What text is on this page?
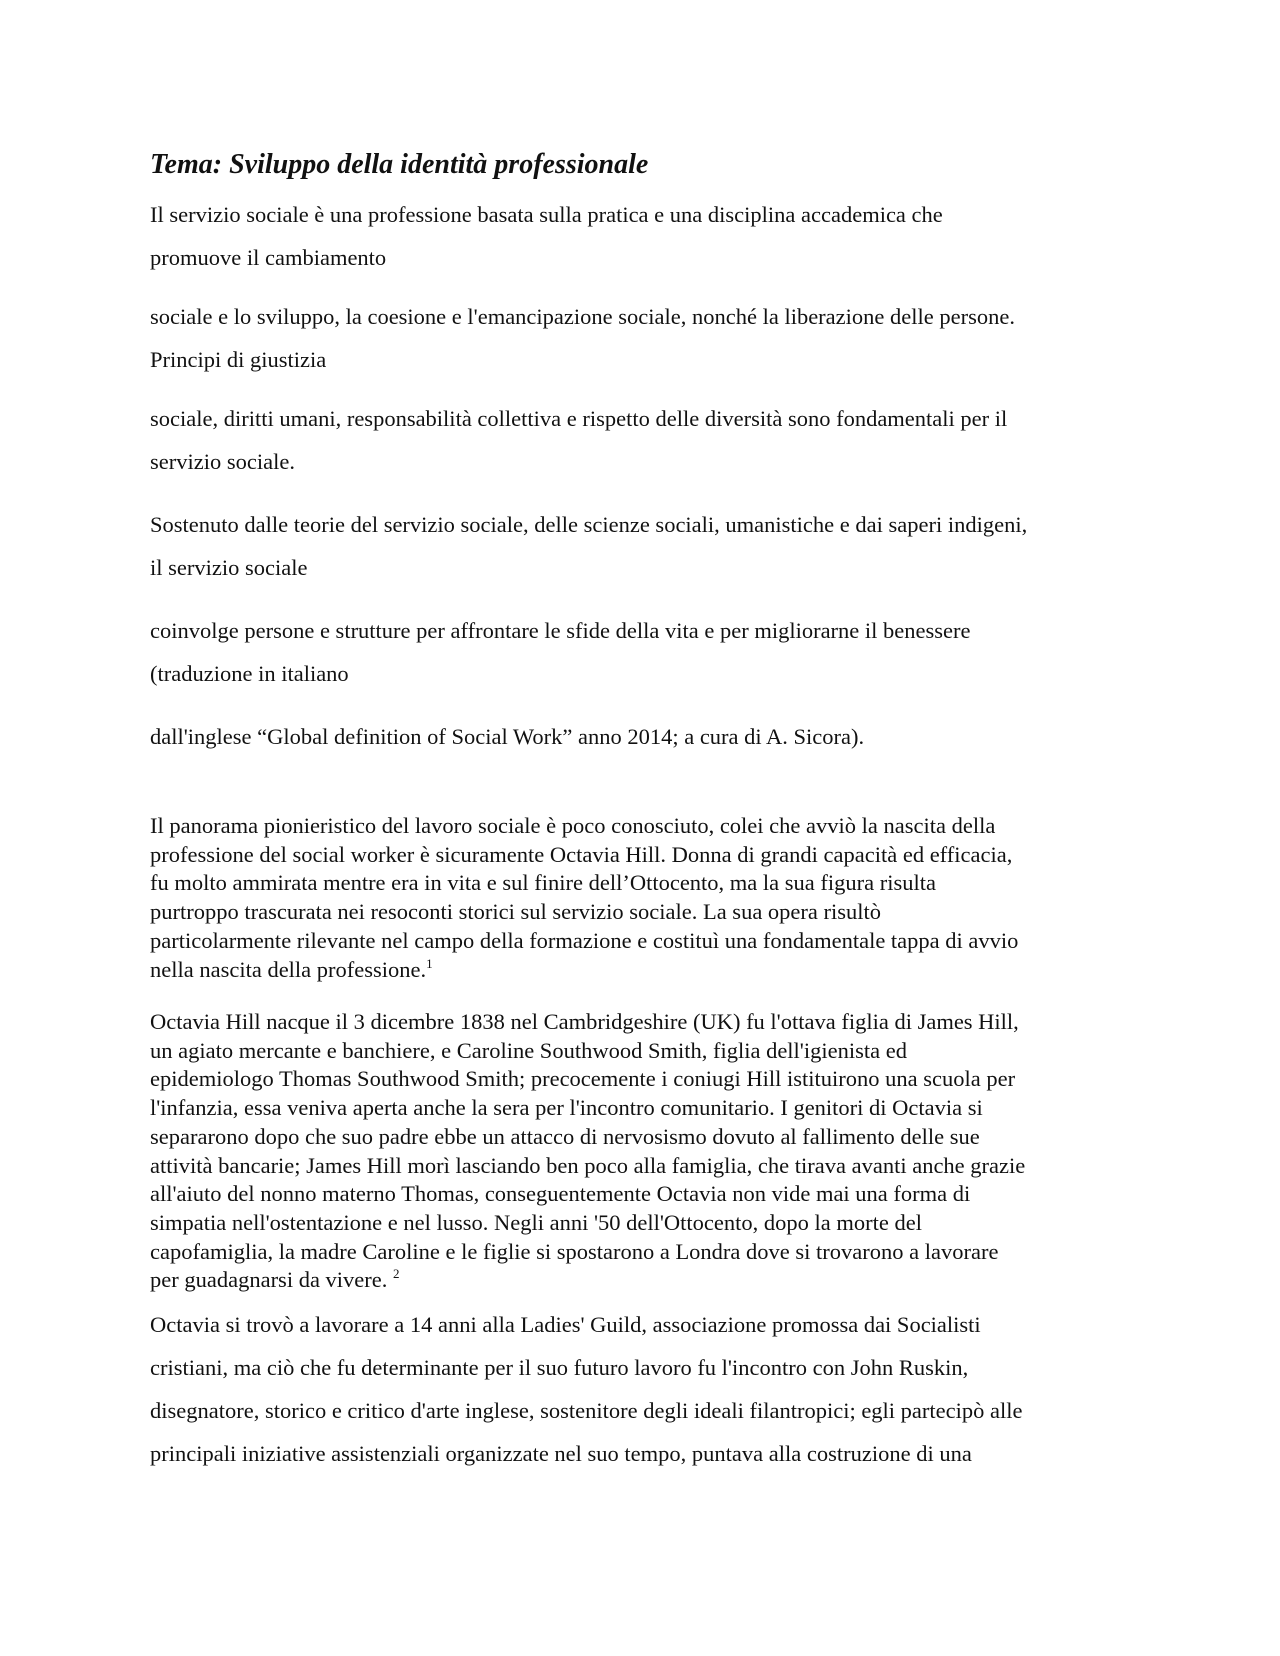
Tema: Sviluppo della identità professionale

Il servizio sociale è una professione basata sulla pratica e una disciplina accademica che
promuove il cambiamento

sociale e lo sviluppo, la coesione e l'emancipazione sociale, nonché la liberazione delle persone.
Principi di giustizia

sociale, diritti umani, responsabilità collettiva e rispetto delle diversità sono fondamentali per il
servizio sociale.

Sostenuto dalle teorie del servizio sociale, delle scienze sociali, umanistiche e dai saperi indigeni,
il servizio sociale

coinvolge persone e strutture per affrontare le sfide della vita e per migliorarne il benessere
(traduzione in italiano

dall'inglese “Global definition of Social Work” anno 2014; a cura di A. Sicora).

Il panorama pionieristico del lavoro sociale è poco conosciuto, colei che avviò la nascita della
professione del social worker è sicuramente Octavia Hill. Donna di grandi capacità ed efficacia,
fu molto ammirata mentre era in vita e sul finire dell’Ottocento, ma la sua figura risulta
purtroppo trascurata nei resoconti storici sul servizio sociale. La sua opera risultò
particolarmente rilevante nel campo della formazione e costituì una fondamentale tappa di avvio
nella nascita della professione.$^1$

Octavia Hill nacque il 3 dicembre 1838 nel Cambridgeshire (UK) fu l'ottava figlia di James Hill,
un agiato mercante e banchiere, e Caroline Southwood Smith, figlia dell'igienista ed
epidemiologo Thomas Southwood Smith; precocemente i coniugi Hill istituirono una scuola per
l'infanzia, essa veniva aperta anche la sera per l'incontro comunitario. I genitori di Octavia si
separarono dopo che suo padre ebbe un attacco di nervosismo dovuto al fallimento delle sue
attività bancarie; James Hill morì lasciando ben poco alla famiglia, che tirava avanti anche grazie
all'aiuto del nonno materno Thomas, conseguentemente Octavia non vide mai una forma di
simpatia nell'ostentazione e nel lusso. Negli anni '50 dell'Ottocento, dopo la morte del
capofamiglia, la madre Caroline e le figlie si spostarono a Londra dove si trovarono a lavorare
per guadagnarsi da vivere. $^2$

Octavia si trovò a lavorare a 14 anni alla Ladies' Guild, associazione promossa dai Socialisti
cristiani, ma ciò che fu determinante per il suo futuro lavoro fu l'incontro con John Ruskin,
disegnatore, storico e critico d'arte inglese, sostenitore degli ideali filantropici; egli partecipò alle
principali iniziative assistenziali organizzate nel suo tempo, puntava alla costruzione di una
